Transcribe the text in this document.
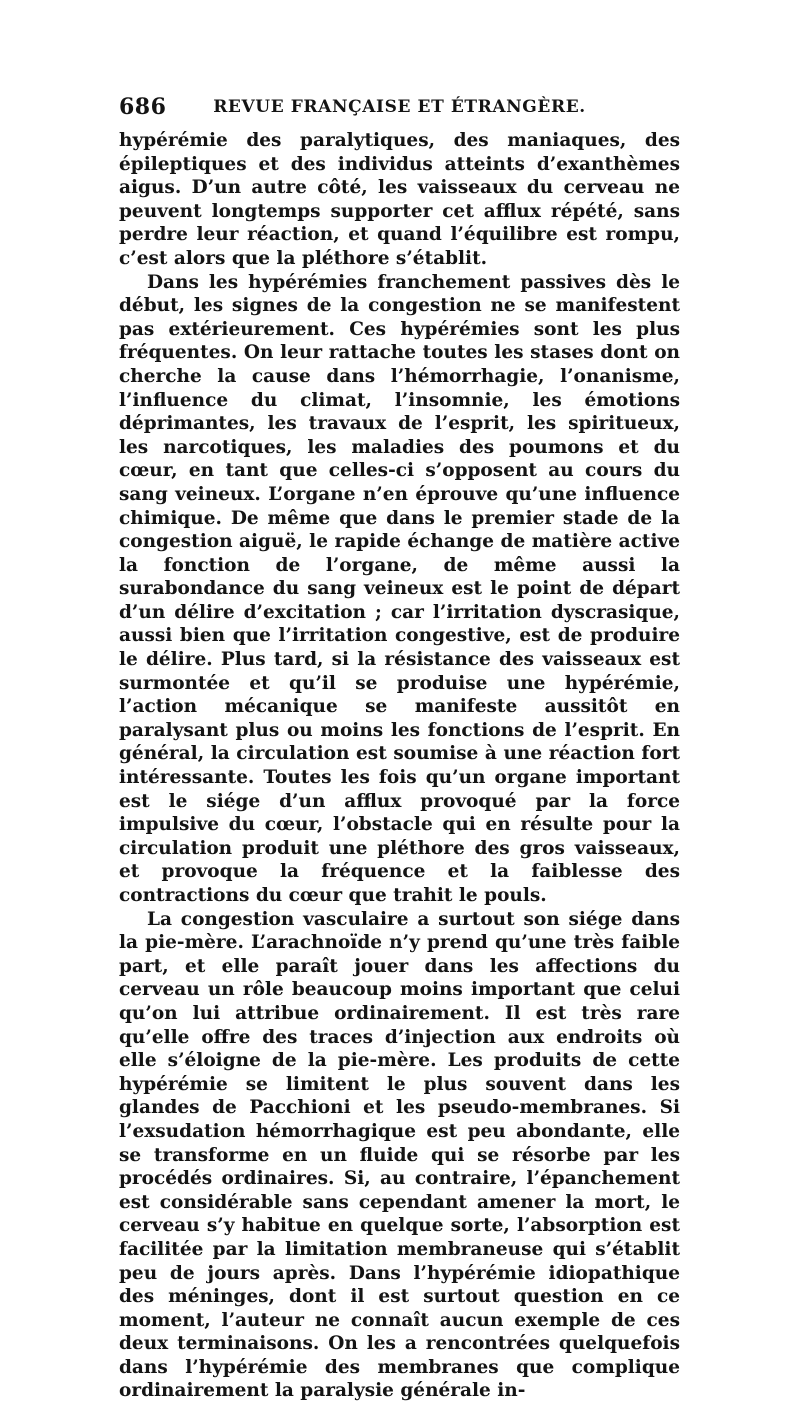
686	REVUE FRANÇAISE ET ÉTRANGÈRE.

hypérémie des paralytiques, des maniaques, des épileptiques et des individus atteints d’exanthèmes aigus. D’un autre côté, les vaisseaux du cerveau ne peuvent longtemps supporter cet afflux répété, sans perdre leur réaction, et quand l’équilibre est rompu, c’est alors que la pléthore s’établit.

Dans les hypérémies franchement passives dès le début, les signes de la congestion ne se manifestent pas extérieurement. Ces hypérémies sont les plus fréquentes. On leur rattache toutes les stases dont on cherche la cause dans l’hémorrhagie, l’onanisme, l’influence du climat, l’insomnie, les émotions déprimantes, les travaux de l’esprit, les spiritueux, les narcotiques, les maladies des poumons et du cœur, en tant que celles-ci s’opposent au cours du sang veineux. L’organe n’en éprouve qu’une influence chimique. De même que dans le premier stade de la congestion aiguë, le rapide échange de matière active la fonction de l’organe, de même aussi la surabondance du sang veineux est le point de départ d’un délire d’excitation ; car l’irritation dyscrasique, aussi bien que l’irritation congestive, est de produire le délire. Plus tard, si la résistance des vaisseaux est surmontée et qu’il se produise une hypérémie, l’action mécanique se manifeste aussitôt en paralysant plus ou moins les fonctions de l’esprit. En général, la circulation est soumise à une réaction fort intéressante. Toutes les fois qu’un organe important est le siége d’un afflux provoqué par la force impulsive du cœur, l’obstacle qui en résulte pour la circulation produit une pléthore des gros vaisseaux, et provoque la fréquence et la faiblesse des contractions du cœur que trahit le pouls.

La congestion vasculaire a surtout son siége dans la pie-mère. L’arachnoïde n’y prend qu’une très faible part, et elle paraît jouer dans les affections du cerveau un rôle beaucoup moins important que celui qu’on lui attribue ordinairement. Il est très rare qu’elle offre des traces d’injection aux endroits où elle s’éloigne de la pie-mère. Les produits de cette hypérémie se limitent le plus souvent dans les glandes de Pacchioni et les pseudo-membranes. Si l’exsudation hémorrhagique est peu abondante, elle se transforme en un fluide qui se résorbe par les procédés ordinaires. Si, au contraire, l’épanchement est considérable sans cependant amener la mort, le cerveau s’y habitue en quelque sorte, l’absorption est facilitée par la limitation membraneuse qui s’établit peu de jours après. Dans l’hypérémie idiopathique des méninges, dont il est surtout question en ce moment, l’auteur ne connaît aucun exemple de ces deux terminaisons. On les a rencontrées quelquefois dans l’hypérémie des membranes que complique ordinairement la paralysie générale in-
